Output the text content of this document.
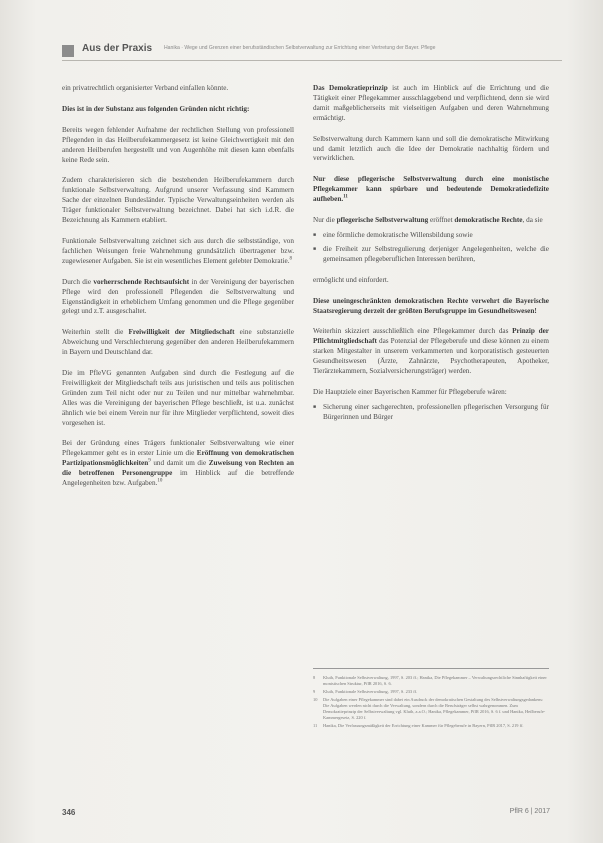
Aus der Praxis Hanika · Wege und Grenzen einer berufsständischen Selbstverwaltung zur Errichtung einer Vertretung der Bayer. Pflege

ein privatrechtlich organisierter Verband einfallen könnte.

Dies ist in der Substanz aus folgenden Gründen nicht richtig:

Bereits wegen fehlender Aufnahme der rechtlichen Stellung von professionell Pflegenden in das Heilberufekammergesetz ist keine Gleichwertigkeit mit den anderen Heilberufen hergestellt und von Augenhöhe mit diesen kann ebenfalls keine Rede sein.

Zudem charakterisieren sich die bestehenden Heilberufekammern durch funktionale Selbstverwaltung. Aufgrund unserer Verfassung sind Kammern Sache der einzelnen Bundesländer. Typische Verwaltungseinheiten werden als Träger funktionaler Selbstverwaltung bezeichnet. Dabei hat sich i.d.R. die Bezeichnung als Kammern etabliert.

Funktionale Selbstverwaltung zeichnet sich aus durch die selbstständige, von fachlichen Weisungen freie Wahrnehmung grundsätzlich übertragener bzw. zugewiesener Aufgaben. Sie ist ein wesentliches Element gelebter Demokratie.$^8$

Durch die vorherrschende Rechtsaufsicht in der Vereinigung der bayerischen Pflege wird den professionell Pflegenden die Selbstverwaltung und Eigenständigkeit in erheblichem Umfang genommen und die Pflege gegenüber gelegt und z.T. ausgeschaltet.

Weiterhin stellt die Freiwilligkeit der Mitgliedschaft eine substanzielle Abweichung und Verschlechterung gegenüber den anderen Heilberufekammern in Bayern und Deutschland dar.

Die im PfleVG genannten Aufgaben sind durch die Festlegung auf die Freiwilligkeit der Mitgliedschaft teils aus juristischen und teils aus politischen Gründen zum Teil nicht oder nur zu Teilen und nur mittelbar wahrnehmbar. Alles was die Vereinigung der bayerischen Pflege beschließt, ist u.a. zunächst ähnlich wie bei einem Verein nur für ihre Mitglieder verpflichtend, soweit dies vorgesehen ist.

Bei der Gründung eines Trägers funktionaler Selbstverwaltung wie einer Pflegekammer geht es in erster Linie um die Eröffnung von demokratischen Partizipationsmöglichkeiten$^9$ und damit um die Zuweisung von Rechten an die betroffenen Personengruppe im Hinblick auf die betreffende Angelegenheiten bzw. Aufgaben.$^{10}$

Das Demokratieprinzip ist auch im Hinblick auf die Errichtung und die Tätigkeit einer Pflegekammer ausschlaggebend und verpflichtend, denn sie wird damit maßgeblicherseits mit vielseitigen Aufgaben und deren Wahrnehmung ermächtigt.

Selbstverwaltung durch Kammern kann und soll die demokratische Mitwirkung und damit letztlich auch die Idee der Demokratie nachhaltig fördern und verwirklichen.

Nur diese pflegerische Selbstverwaltung durch eine monistische Pflegekammer kann spürbare und bedeutende Demokratiedefizite aufheben.$^{11}$

Nur die pflegerische Selbstverwaltung eröffnet demokratische Rechte, da sie

■ eine förmliche demokratische Willensbildung sowie
■ die Freiheit zur Selbstregulierung derjeniger Angelegenheiten, welche die gemeinsamen pflegeberuflichen Interessen berühren,

ermöglicht und einfordert.

Diese uneingeschränkten demokratischen Rechte verwehrt die Bayerische Staatsregierung derzeit der größten Berufsgruppe im Gesundheitswesen!

Weiterhin skizziert ausschließlich eine Pflegekammer durch das Prinzip der Pflichtmitgliedschaft das Potenzial der Pflegeberufe und diese können zu einem starken Mitgestalter in unserem verkammerten und korporatistisch gesteuerten Gesundheitswesen (Ärzte, Zahnärzte, Psychotherapeuten, Apotheker, Tierärztekammern, Sozialversicherungsträger) werden.

Die Hauptziele einer Bayerischen Kammer für Pflegeberufe wären:

■ Sicherung einer sachgerechten, professionellen pflegerischen Versorgung für Bürgerinnen und Bürger
8	Kluth, Funktionale Selbstverwaltung, 1997, S. 203 ff.; Hanika, Die Pflegekammer – Verwaltungsrechtliche Sinnhaftigkeit einer monistischen Struktur, PflR 2016, S. 6.
9	Kluth, Funktionale Selbstverwaltung, 1997, S. 233 ff.
10	Die Aufgaben einer Pflegekammer sind dabei ein Ausdruck der demokratischen Gestaltung des Selbstverwaltungsgedankens: Die Aufgaben werden nicht durch die Verwaltung, sondern durch die Berufsträger selbst wahrgenommen. Zum Demokratieprinzip der Selbstverwaltung vgl. Kluth, a.a.O.; Hanika, Pflegekammer, PflR 2016, S. 6 f. und Hanika, Heilberufe-Kammergesetz, S. 220 f.
11	Hanika, Die Verfassungsmäßigkeit der Errichtung einer Kammer für Pflegeberufe in Bayern, PflR 2017, S. 219 ff.
346	PflR 6 | 2017
